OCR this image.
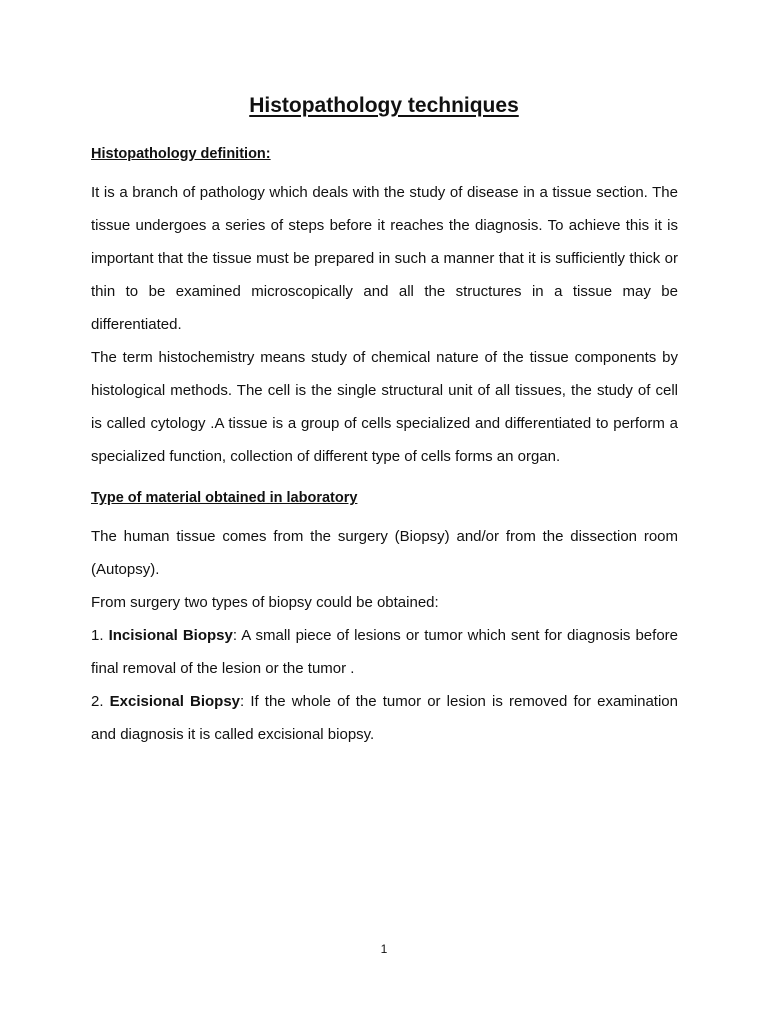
Histopathology techniques

Histopathology definition:

It is a branch of pathology which deals with the study of disease in a tissue section. The tissue undergoes a series of steps before it reaches the diagnosis. To achieve this it is important that the tissue must be prepared in such a manner that it is sufficiently thick or thin to be examined microscopically and all the structures in a tissue may be differentiated.

The term histochemistry means study of chemical nature of the tissue components by histological methods. The cell is the single structural unit of all tissues, the study of cell is called cytology .A tissue is a group of cells specialized and differentiated to perform a specialized function, collection of different type of cells forms an organ.

Type of material obtained in laboratory

The human tissue comes from the surgery (Biopsy) and/or from the dissection room (Autopsy).

From surgery two types of biopsy could be obtained:

1. Incisional Biopsy: A small piece of lesions or tumor which sent for diagnosis before final removal of the lesion or the tumor .

2. Excisional Biopsy: If the whole of the tumor or lesion is removed for examination and diagnosis it is called excisional biopsy.

1
